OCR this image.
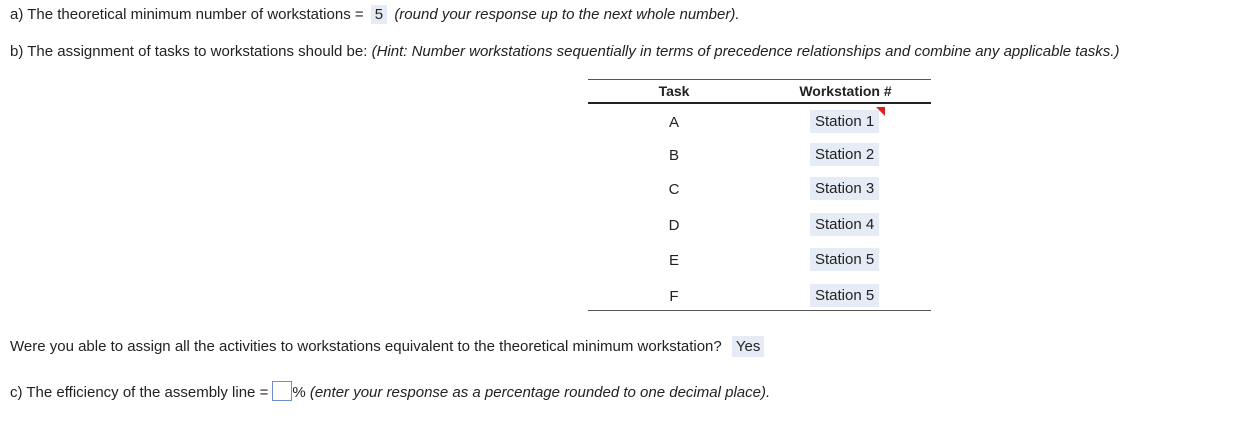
a) The theoretical minimum number of workstations = 5 (round your response up to the next whole number).
b) The assignment of tasks to workstations should be: (Hint: Number workstations sequentially in terms of precedence relationships and combine any applicable tasks.)
Task	Workstation #
A	Station 1
B	Station 2
C	Station 3
D	Station 4
E	Station 5
F	Station 5
Were you able to assign all the activities to workstations equivalent to the theoretical minimum workstation? Yes
c) The efficiency of the assembly line = % (enter your response as a percentage rounded to one decimal place).
